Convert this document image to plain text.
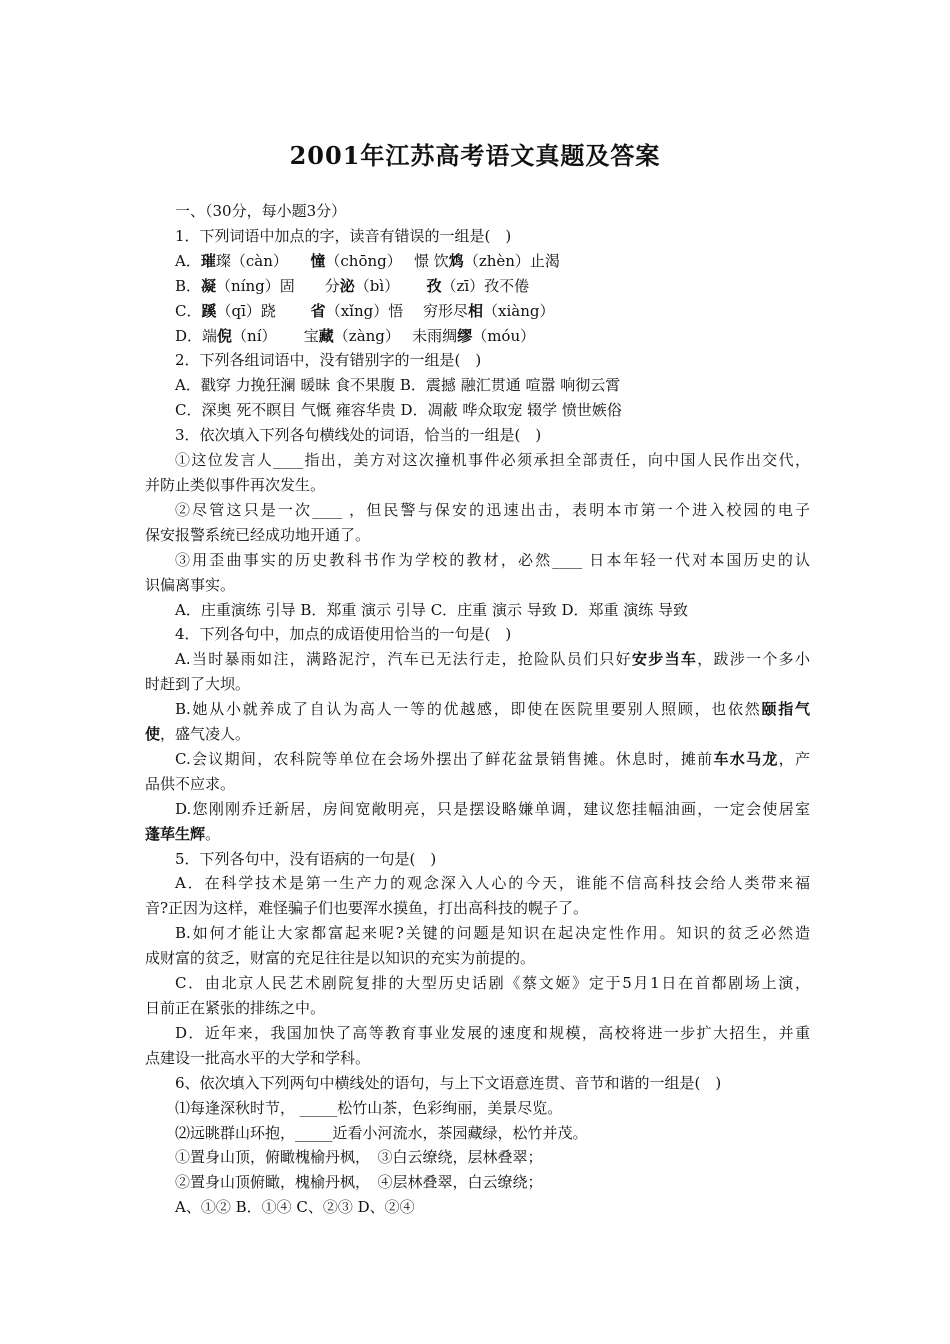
2001年江苏高考语文真题及答案
一、（30分，每小题3分）
1．下列词语中加点的字，读音有错误的一组是(　)
A．璀璨（càn）　　憧（chōng）　 憬 饮鸩（zhèn）止渴
B．凝（níng）固　　分泌（bì）　　 孜（zī）孜不倦
C．蹊（qī）跷　　 省（xǐng）悟　 穷形尽相（xiàng）
D．端倪（ní）　　 宝藏（zàng）　 未雨绸缪（móu）
2．下列各组词语中，没有错别字的一组是(　)
A．戳穿 力挽狂澜 暖昧 食不果腹 B．震撼 融汇贯通 喧嚣 响彻云霄
C．深奥 死不瞑目 气慨 雍容华贵 D．凋蔽 哗众取宠 辍学 愤世嫉俗
3．依次填入下列各句横线处的词语，恰当的一组是(　)
①这位发言人____指出，美方对这次撞机事件必须承担全部责任，向中国人民作出交代，
并防止类似事件再次发生。
②尽管这只是一次____ ，但民警与保安的迅速出击，表明本市第一个进入校园的电子
保安报警系统已经成功地开通了。
③用歪曲事实的历史教科书作为学校的教材，必然____ 日本年轻一代对本国历史的认
识偏离事实。
A．庄重演练 引导 B．郑重 演示 引导 C．庄重 演示 导致 D．郑重 演练 导致
4．下列各句中，加点的成语使用恰当的一句是(　)
A.当时暴雨如注，满路泥泞，汽车已无法行走，抢险队员们只好安步当车，跋涉一个多小
时赶到了大坝。
B.她从小就养成了自认为高人一等的优越感，即使在医院里要别人照顾，也依然颐指气
使，盛气凌人。
C.会议期间，农科院等单位在会场外摆出了鲜花盆景销售摊。休息时，摊前车水马龙，产
品供不应求。
D.您刚刚乔迁新居，房间宽敞明亮，只是摆设略嫌单调，建议您挂幅油画，一定会使居室
蓬荜生辉。
5．下列各句中，没有语病的一句是(　)
A．在科学技术是第一生产力的观念深入人心的今天，谁能不信高科技会给人类带来福
音?正因为这样，难怪骗子们也要浑水摸鱼，打出高科技的幌子了。
B.如何才能让大家都富起来呢?关键的问题是知识在起决定性作用。知识的贫乏必然造
成财富的贫乏，财富的充足往往是以知识的充实为前提的。
C．由北京人民艺术剧院复排的大型历史话剧《蔡文姬》定于5月1日在首都剧场上演，
日前正在紧张的排练之中。
D．近年来，我国加快了高等教育事业发展的速度和规模，高校将进一步扩大招生，并重
点建设一批高水平的大学和学科。
6、依次填入下列两句中横线处的语句，与上下文语意连贯、音节和谐的一组是(　)
⑴每逢深秋时节， _____松竹山茶，色彩绚丽，美景尽览。
⑵远眺群山环抱，_____近看小河流水，茶园藏绿，松竹并茂。
①置身山顶，俯瞰槐榆丹枫，　③白云缭绕，层林叠翠；
②置身山顶俯瞰，槐榆丹枫，　④层林叠翠，白云缭绕；
A、①② B．①④ C、②③ D、②④
